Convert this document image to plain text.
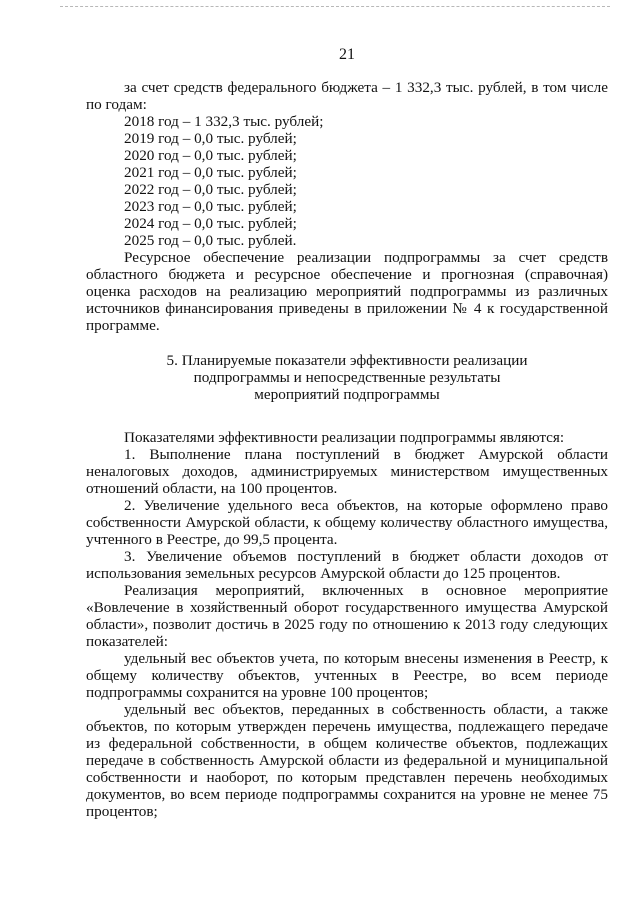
21

за счет средств федерального бюджета – 1 332,3 тыс. рублей, в том числе по годам:

2018 год – 1 332,3 тыс. рублей;
2019 год – 0,0 тыс. рублей;
2020 год – 0,0 тыс. рублей;
2021 год – 0,0 тыс. рублей;
2022 год – 0,0 тыс. рублей;
2023 год – 0,0 тыс. рублей;
2024 год – 0,0 тыс. рублей;
2025 год – 0,0 тыс. рублей.

Ресурсное обеспечение реализации подпрограммы за счет средств областного бюджета и ресурсное обеспечение и прогнозная (справочная) оценка расходов на реализацию мероприятий подпрограммы из различных источников финансирования приведены в приложении № 4 к государственной программе.

5. Планируемые показатели эффективности реализации
подпрограммы и непосредственные результаты
мероприятий подпрограммы

Показателями эффективности реализации подпрограммы являются:

1. Выполнение плана поступлений в бюджет Амурской области неналоговых доходов, администрируемых министерством имущественных отношений области, на 100 процентов.

2. Увеличение удельного веса объектов, на которые оформлено право собственности Амурской области, к общему количеству областного имущества, учтенного в Реестре, до 99,5 процента.

3. Увеличение объемов поступлений в бюджет области доходов от использования земельных ресурсов Амурской области до 125 процентов.

Реализация мероприятий, включенных в основное мероприятие «Вовлечение в хозяйственный оборот государственного имущества Амурской области», позволит достичь в 2025 году по отношению к 2013 году следующих показателей:

удельный вес объектов учета, по которым внесены изменения в Реестр, к общему количеству объектов, учтенных в Реестре, во всем периоде подпрограммы сохранится на уровне 100 процентов;

удельный вес объектов, переданных в собственность области, а также объектов, по которым утвержден перечень имущества, подлежащего передаче из федеральной собственности, в общем количестве объектов, подлежащих передаче в собственность Амурской области из федеральной и муниципальной собственности и наоборот, по которым представлен перечень необходимых документов, во всем периоде подпрограммы сохранится на уровне не менее 75 процентов;
